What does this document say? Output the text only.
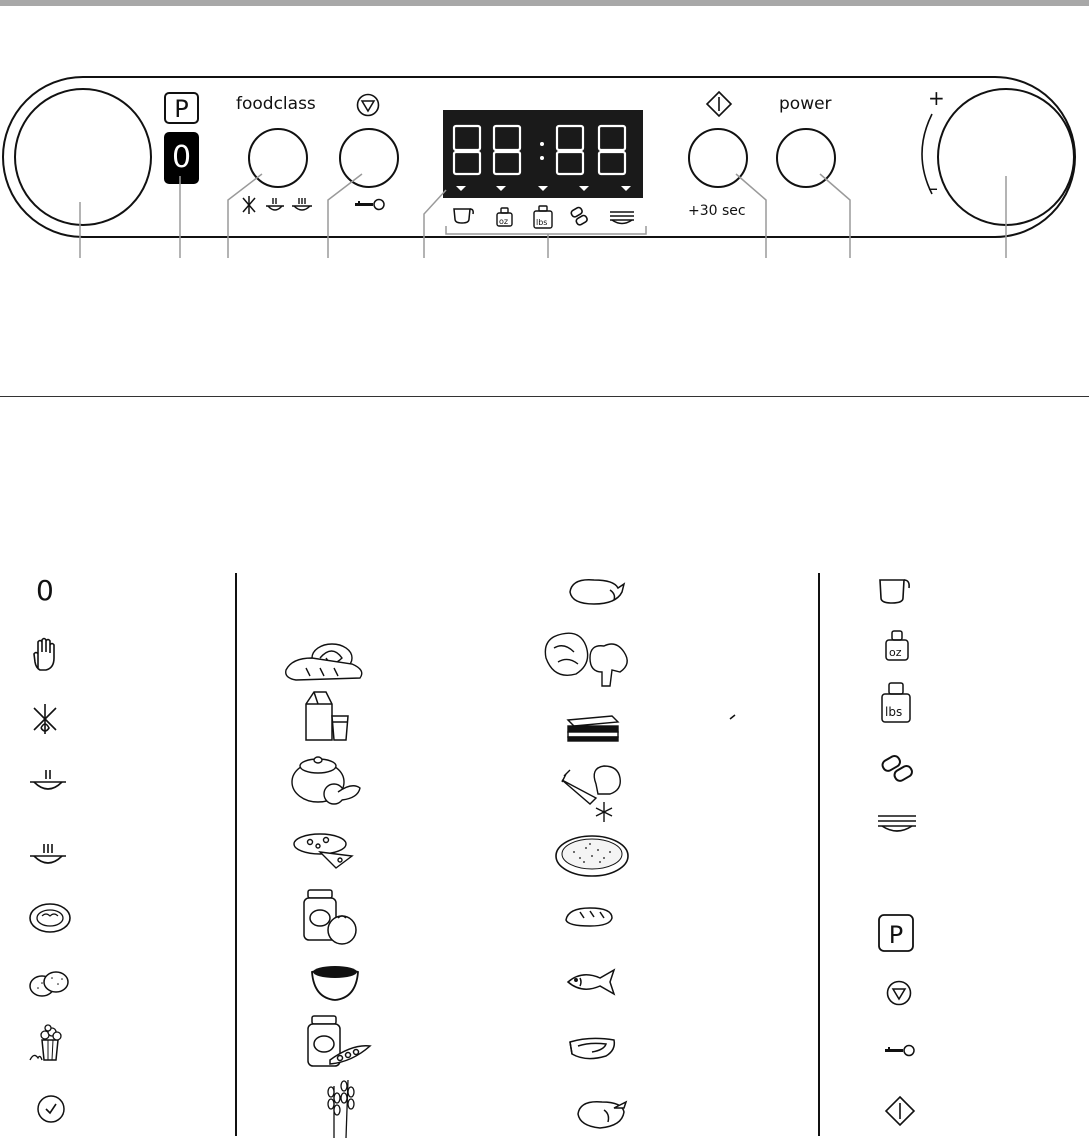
P
0
foodclass
oz	lbs
+30 sec
power	+
–
0
oz
lbs
P
